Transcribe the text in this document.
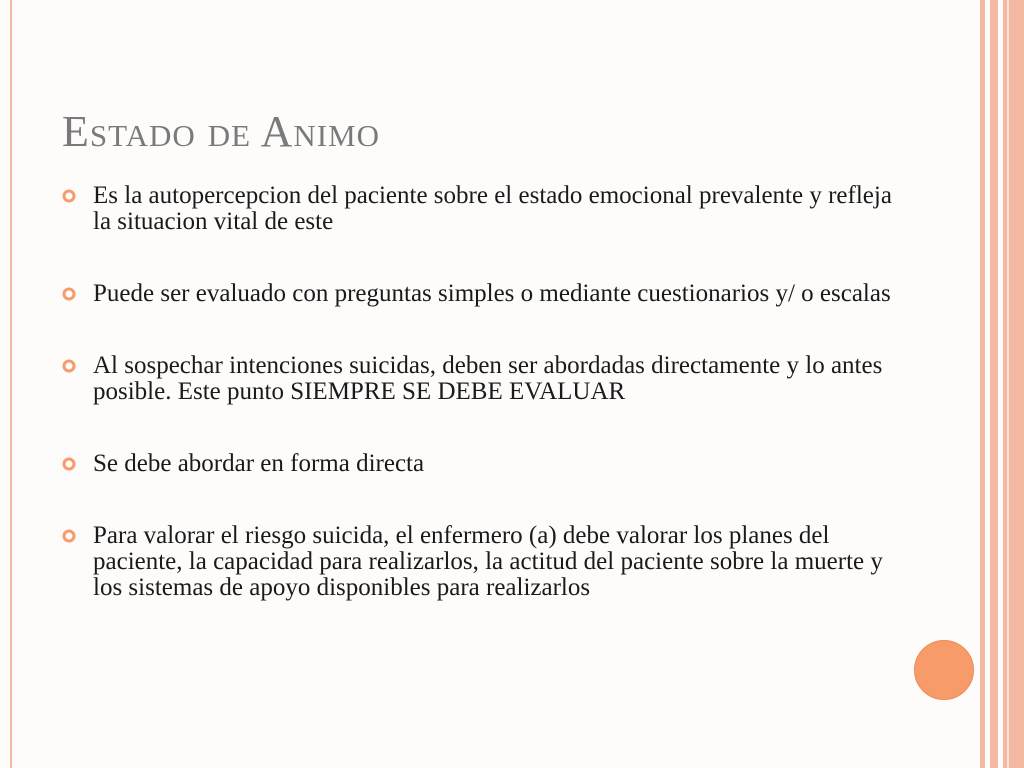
Estado de Animo
Es la autopercepcion del paciente sobre el estado emocional prevalente y refleja la situacion vital de este
Puede ser evaluado con preguntas simples o mediante cuestionarios y/ o escalas
Al sospechar intenciones suicidas, deben ser abordadas directamente y lo antes posible. Este punto SIEMPRE SE DEBE EVALUAR
Se debe abordar en forma directa
Para valorar el riesgo suicida, el enfermero (a) debe valorar los planes del paciente, la capacidad para realizarlos, la actitud del paciente sobre la muerte y los sistemas de apoyo disponibles para realizarlos
